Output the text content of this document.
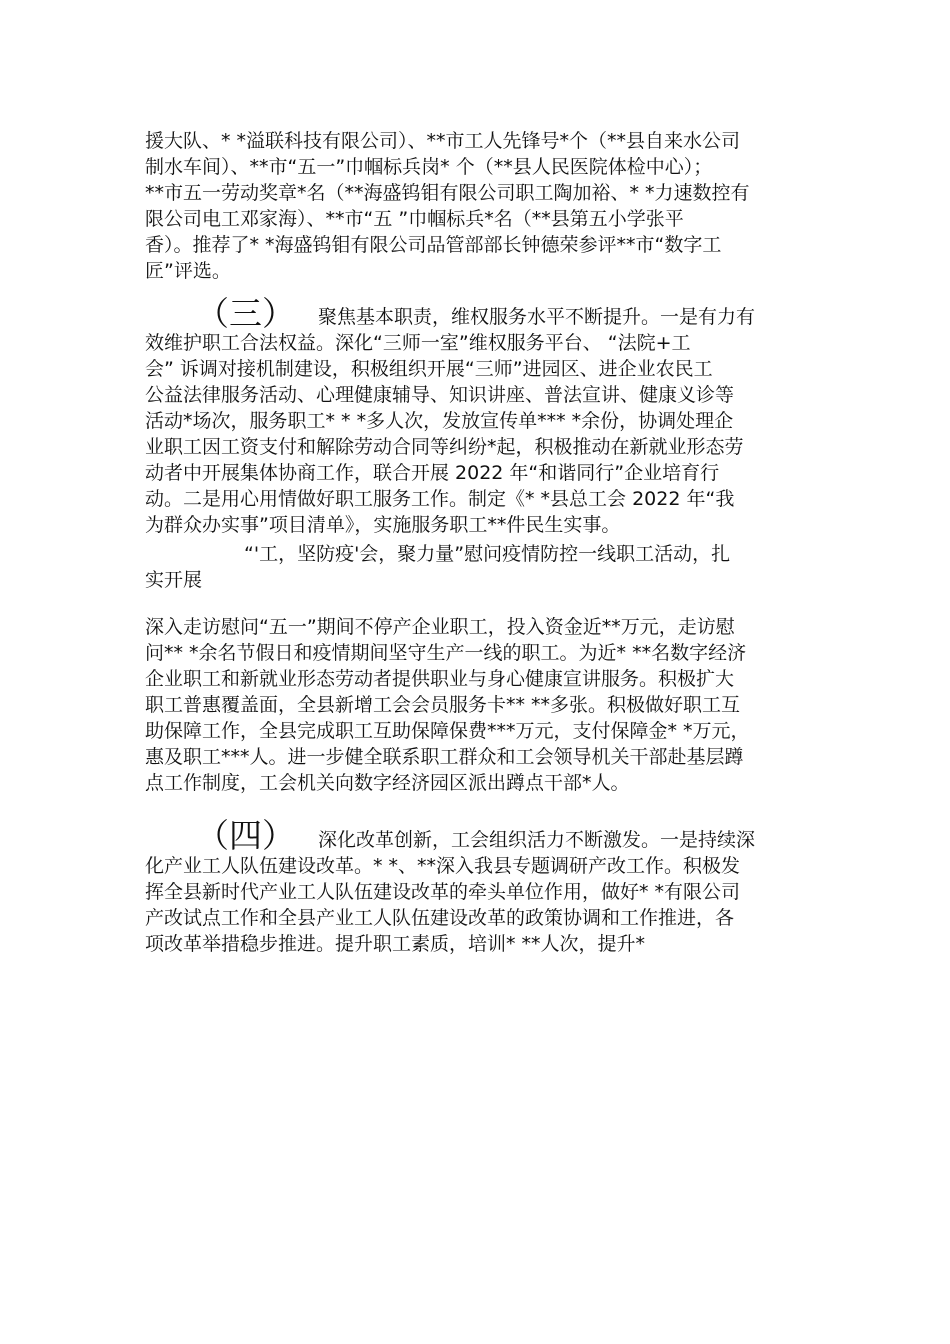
援大队、* *溢联科技有限公司）、**市工人先锋号*个（**县自来水公司
制水车间）、**市“五一”巾帼标兵岗* 个（**县人民医院体检中心）；
**市五一劳动奖章*名（**海盛钨钼有限公司职工陶加裕、* *力速数控有
限公司电工邓家海）、**市“五 ”巾帼标兵*名（**县第五小学张平
香）。推荐了* *海盛钨钼有限公司品管部部长钟德荣参评**市“数字工
匠”评选。
（三） 聚焦基本职责，维权服务水平不断提升。一是有力有
效维护职工合法权益。深化“三师一室”维权服务平台、 “法院+工
会” 诉调对接机制建设，积极组织开展“三师”进园区、进企业农民工
公益法律服务活动、心理健康辅导、知识讲座、普法宣讲、健康义诊等
活动*场次，服务职工* * *多人次，发放宣传单*** *余份，协调处理企
业职工因工资支付和解除劳动合同等纠纷*起，积极推动在新就业形态劳
动者中开展集体协商工作，联合开展 2022 年“和谐同行”企业培育行
动。二是用心用情做好职工服务工作。制定《* *县总工会 2022 年“我
为群众办实事”项目清单》，实施服务职工**件民生实事。
“'工，坚防疫'会，聚力量”慰问疫情防控一线职工活动，扎
实开展
深入走访慰问“五一”期间不停产企业职工，投入资金近**万元，走访慰
问** *余名节假日和疫情期间坚守生产一线的职工。为近* **名数字经济
企业职工和新就业形态劳动者提供职业与身心健康宣讲服务。积极扩大
职工普惠覆盖面，全县新增工会会员服务卡** **多张。积极做好职工互
助保障工作，全县完成职工互助保障保费***万元，支付保障金* *万元，
惠及职工***人。进一步健全联系职工群众和工会领导机关干部赴基层蹲
点工作制度，工会机关向数字经济园区派出蹲点干部*人。
（四） 深化改革创新，工会组织活力不断激发。一是持续深
化产业工人队伍建设改革。* *、**深入我县专题调研产改工作。积极发
挥全县新时代产业工人队伍建设改革的牵头单位作用，做好* *有限公司
产改试点工作和全县产业工人队伍建设改革的政策协调和工作推进，各
项改革举措稳步推进。提升职工素质，培训* **人次，提升*
